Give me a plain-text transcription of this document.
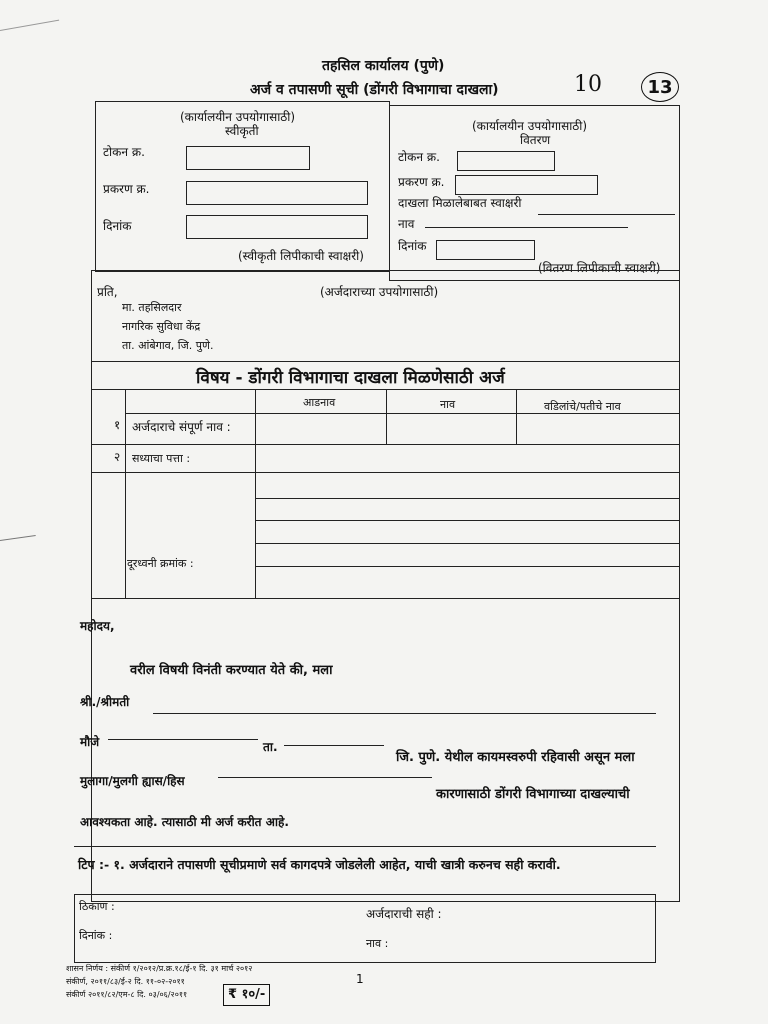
तहसिल कार्यालय (पुणे)
अर्ज व तपासणी सूची (डोंगरी विभागाचा दाखला)	10	13
(कार्यालयीन उपयोगासाठी)
स्वीकृती
टोकन क्र.
प्रकरण क्र.
दिनांक
(स्वीकृती लिपीकाची स्वाक्षरी)
(कार्यालयीन उपयोगासाठी)
वितरण
टोकन क्र.
प्रकरण क्र.
दाखला मिळालेबाबत स्वाक्षरी
नाव
दिनांक
(वितरण लिपीकाची स्वाक्षरी)
(अर्जदाराच्या उपयोगासाठी)
प्रति,
मा. तहसिलदार
नागरिक सुविधा केंद्र
ता. आंबेगाव, जि. पुणे.
विषय - डोंगरी विभागाचा दाखला मिळणेसाठी अर्ज
आडनाव	नाव	वडिलांचे/पतीचे नाव
१ अर्जदाराचे संपूर्ण नाव :
२ सध्याचा पत्ता :
दूरध्वनी क्रमांक :
महोदय,
वरील विषयी विनंती करण्यात येते की, मला
श्री./श्रीमती
मौजे	ता.
जि. पुणे. येथील कायमस्वरुपी रहिवासी असून मला
मुलागा/मुलगी ह्यास/हिस
कारणासाठी डोंगरी विभागाच्या दाखल्याची
आवश्यकता आहे. त्यासाठी मी अर्ज करीत आहे.
टिप :- १. अर्जदाराने तपासणी सूचीप्रमाणे सर्व कागदपत्रे जोडलेली आहेत, याची खात्री करुनच सही करावी.
ठिकाण :
दिनांक :
अर्जदाराची सही :
नाव :
शासन निर्णय : संकीर्ण १/२०१२/प्र.क्र.१८/ई-१ दि. ३१ मार्च २०१२
संकीर्ण, २०११/८३/ई-२ दि. ११-०२-२०११
संकीर्ण २०११/८२/एम-८ दि. ०३/०६/२०११	₹ १०/-
1
